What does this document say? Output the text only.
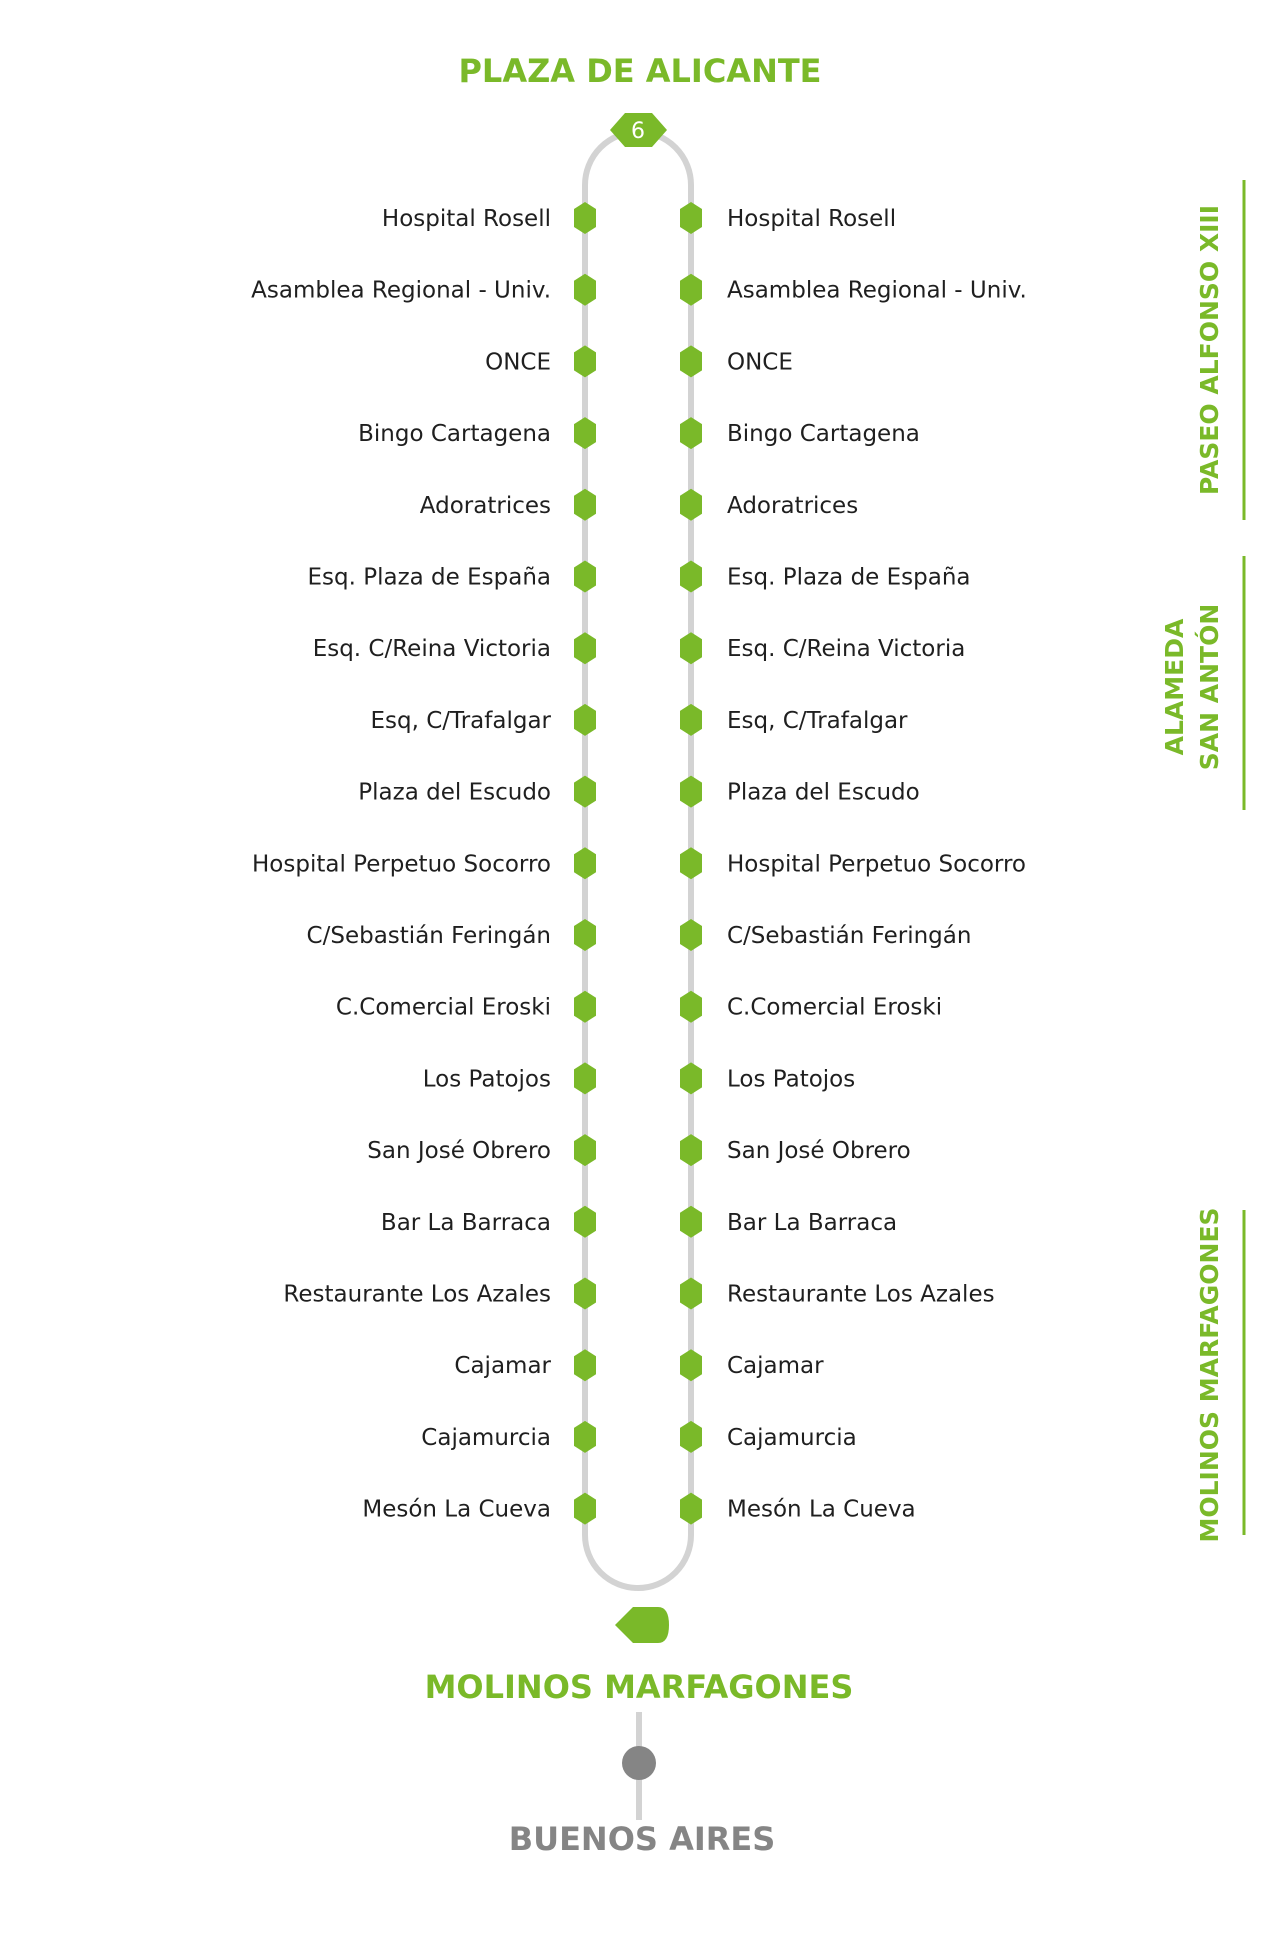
PLAZA DE ALICANTE
6
Hospital Rosell	Hospital Rosell
Asamblea Regional - Univ.	Asamblea Regional - Univ.
ONCE	ONCE
Bingo Cartagena	Bingo Cartagena
Adoratrices	Adoratrices
Esq. Plaza de España	Esq. Plaza de España
Esq. C/Reina Victoria	Esq. C/Reina Victoria
Esq, C/Trafalgar	Esq, C/Trafalgar
Plaza del Escudo	Plaza del Escudo
Hospital Perpetuo Socorro	Hospital Perpetuo Socorro
C/Sebastián Feringán	C/Sebastián Feringán
C.Comercial Eroski	C.Comercial Eroski
Los Patojos	Los Patojos
San José Obrero	San José Obrero
Bar La Barraca	Bar La Barraca
Restaurante Los Azales	Restaurante Los Azales
Cajamar	Cajamar
Cajamurcia	Cajamurcia
Mesón La Cueva	Mesón La Cueva
MOLINOS MARFAGONES
BUENOS AIRES
PASEO ALFONSO XIII
ALAMEDA SAN ANTÓN
MOLINOS MARFAGONES
